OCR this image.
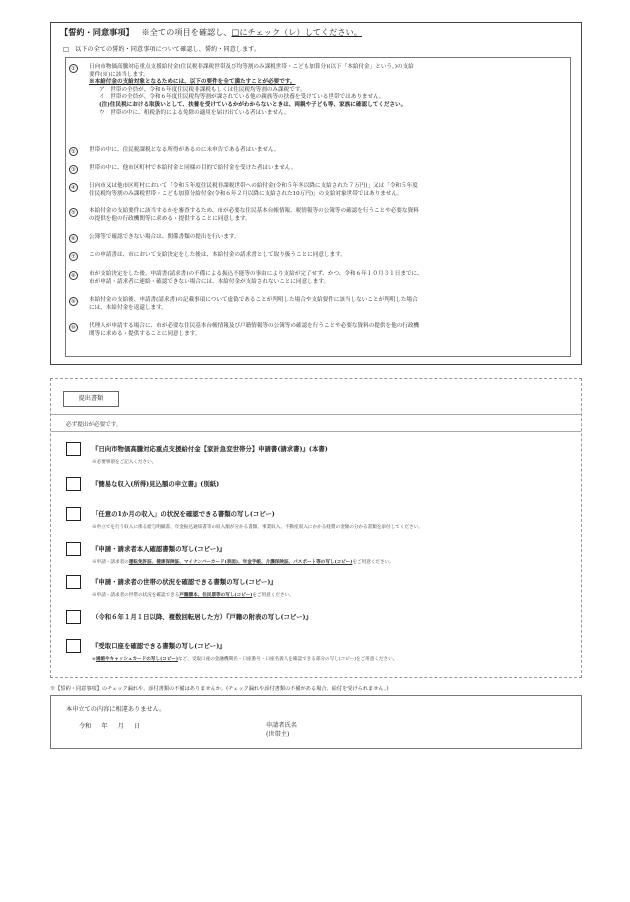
【誓約・同意事項】 ※全ての項目を確認し、□にチェック（レ）してください。
□　以下の全ての誓約・同意事項について確認し、誓約・同意します。
①	日向市物価高騰対応重点支援給付金(住民税非課税世帯及び均等割のみ課税世帯・こども加算分)(以下「本給付金」という。)の支給
要件(※)に該当します。
※本給付金の支給対象となるためには、以下の要件を全て満たすことが必要です。
ア　世帯の全員が、令和６年度住民税非課税もしくは住民税均等割のみ課税です。
イ　世帯の全員が、令和６年度住民税均等割が課されている他の親族等の扶養を受けている世帯ではありません。
(注)住民税における取扱いとして、扶養を受けているかがわからないときは、両親や子ども等、家族に確認してください。
ウ　世帯の中に、租税条約による免除の適用を届け出ている者はいません。
②	世帯の中に、住民税課税となる所得があるのに未申告である者はいません。
③	世帯の中に、他市区町村で本給付金と同様の目的で給付金を受けた者はいません。
④	日向市又は他市区町村において「令和５年度住民税非課税世帯への給付金(令和５年冬以降に支給された７万円)」又は「令和５年度
住民税均等割のみ課税世帯・こども加算分給付金(令和６年２月以降に支給された10万円)」の支給対象世帯ではありません。
⑤	本給付金の支給要件に該当するかを審査するため、市が必要な住民基本台帳情報、税情報等の公簿等の確認を行うことや必要な資料
の提供を他の行政機関等に求める・提供することに同意します。
⑥	公簿等で確認できない場合は、関係書類の提出を行います。
⑦	この申請書は、市において支給決定をした後は、本給付金の請求書として取り扱うことに同意します。
⑧	市が支給決定をした後、申請書(請求書)の不備による振込不能等の事由により支給が完了せず、かつ、令和６年１０月３１日までに、
市が申請・請求者に連絡・確認できない場合には、本給付金が支給されないことに同意します。
⑨	本給付金の支給後、申請書(請求書)の記載事項について虚偽であることが判明した場合や支給要件に該当しないことが判明した場合
には、本給付金を返還します。
⑩	代理人が申請する場合に、市が必要な住民基本台帳情報及び戸籍情報等の公簿等の確認を行うことや必要な資料の提供を他の行政機
関等に求める・提供することに同意します。
提出書類
必ず提出が必要です。
『日向市物価高騰対応重点支援給付金【家計急変世帯分】申請書(請求書)』(本書)
※必要事項をご記入ください。
『簡易な収入(所得)見込額の申立書』(別紙)
「任意の1か月の収入」の状況を確認できる書類の写し(コピー)
※申立てを行う収入に係る給与明細書、年金振込通知書等の収入額が分かる書類、事業収入、不動産収入にかかる経費の金額の分かる書類を添付してください。
『申請・請求者本人確認書類の写し(コピー)』
※申請・請求者の運転免許証、健康保険証、マイナンバーカード(表面)、年金手帳、介護保険証、パスポート等の写し(コピー)をご用意ください。
『申請・請求者の世帯の状況を確認できる書類の写し(コピー)』
※申請・請求者の世帯の状況を確認できる戸籍謄本、住民票等の写し(コピー)をご用意ください。
（令和６年１月１日以降、複数回転居した方）『戸籍の附表の写し(コピー)』
『受取口座を確認できる書類の写し(コピー)』
※通帳やキャッシュカードの写し(コピー)など、受取口座の金融機関名・口座番号・口座名義人を確認できる部分の写し(コピー)をご用意ください。
※【誓約・同意事項】のチェック漏れや、添付書類の不備はありませんか。(チェック漏れや添付書類の不備がある場合、給付を受けられません。)
本申立ての内容に相違ありません。
令和 年 月 日	申請者氏名
(世帯主)
